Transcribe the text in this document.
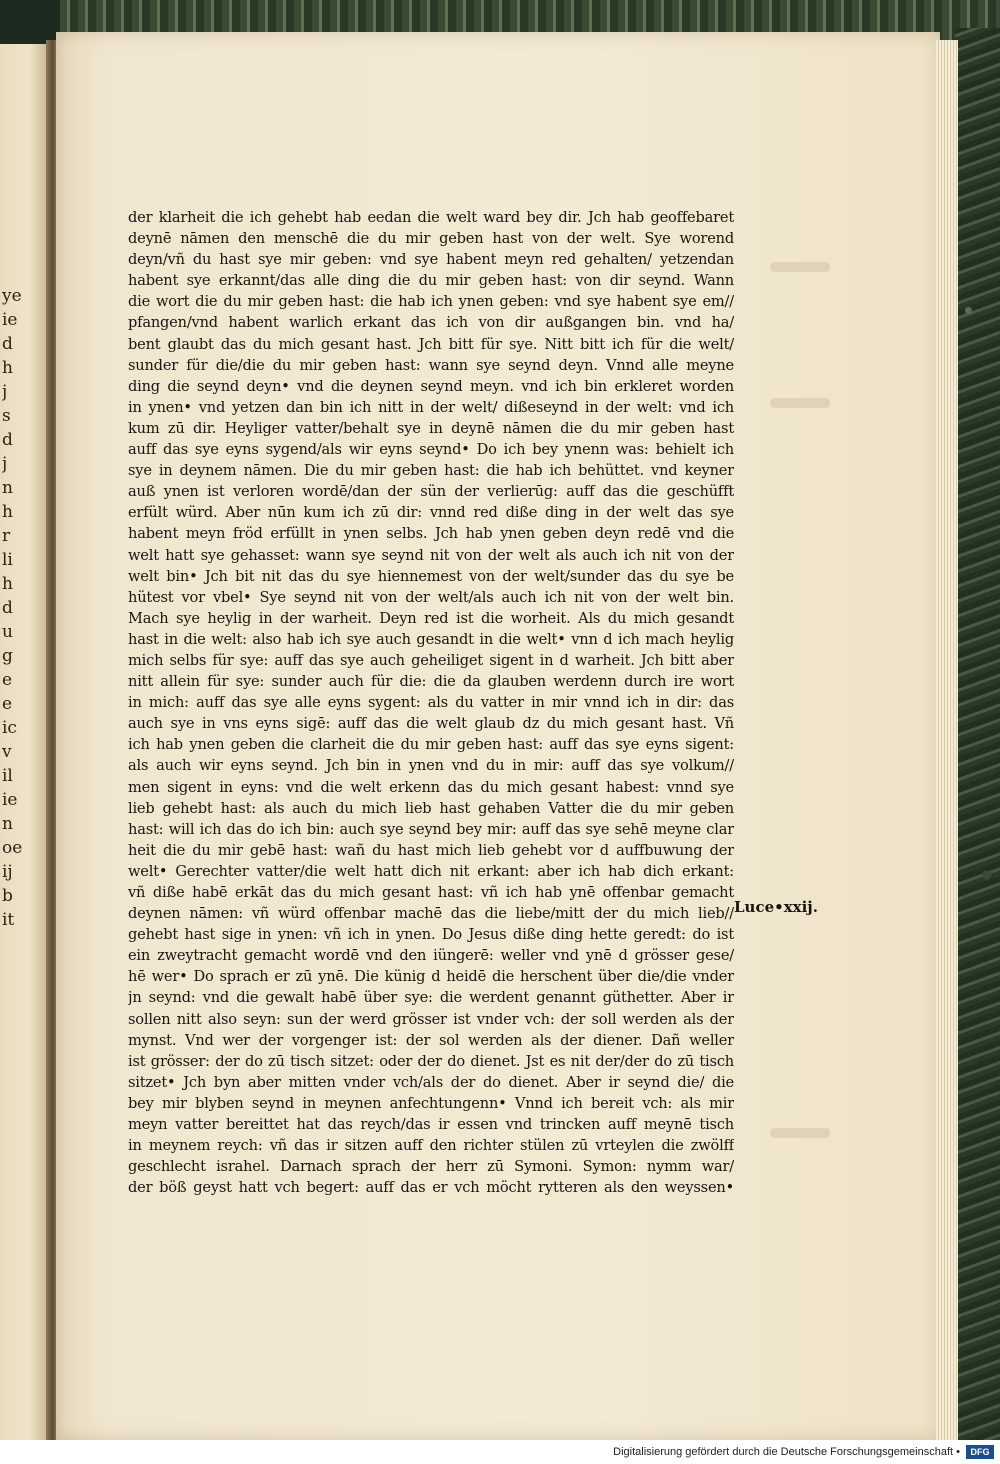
ye
ie
d
h
j
s
d
j
n
h
r
li
h
d
u
g
e
e
ic
v
il
ie
n
oe
ij
b
it
der klarheit die ich gehebt hab eedan die welt ward bey dir. Jch hab geoffebaret
deynē nāmen den menschē die du mir geben hast von der welt. Sye worend
deyn/vñ du hast sye mir geben: vnd sye habent meyn red gehalten/ yetzendan
habent sye erkannt/das alle ding die du mir geben hast: von dir seynd. Wann
die wort die du mir geben hast: die hab ich ynen geben: vnd sye habent sye em//
pfangen/vnd habent warlich erkant das ich von dir außgangen bin. vnd ha/
bent glaubt das du mich gesant hast. Jch bitt für sye. Nitt bitt ich für die welt/
sunder für die/die du mir geben hast: wann sye seynd deyn. Vnnd alle meyne
ding die seynd deyn• vnd die deynen seynd meyn. vnd ich bin erkleret worden
in ynen• vnd yetzen dan bin ich nitt in der welt/ dißeseynd in der welt: vnd ich
kum zū dir. Heyliger vatter/behalt sye in deynē nāmen die du mir geben hast
auff das sye eyns sygend/als wir eyns seynd• Do ich bey ynenn was: behielt ich
sye in deynem nāmen. Die du mir geben hast: die hab ich behüttet. vnd keyner
auß ynen ist verloren wordē/dan der sün der verlierūg: auff das die geschüfft
erfült würd. Aber nūn kum ich zū dir: vnnd red diße ding in der welt das sye
habent meyn fröd erfüllt in ynen selbs. Jch hab ynen geben deyn redē vnd die
welt hatt sye gehasset: wann sye seynd nit von der welt als auch ich nit von der
welt bin• Jch bit nit das du sye hiennemest von der welt/sunder das du sye be
hütest vor vbel• Sye seynd nit von der welt/als auch ich nit von der welt bin.
Mach sye heylig in der warheit. Deyn red ist die worheit. Als du mich gesandt
hast in die welt: also hab ich sye auch gesandt in die welt• vnn d ich mach heylig
mich selbs für sye: auff das sye auch geheiliget sigent in d warheit. Jch bitt aber
nitt allein für sye: sunder auch für die: die da glauben werdenn durch ire wort
in mich: auff das sye alle eyns sygent: als du vatter in mir vnnd ich in dir: das
auch sye in vns eyns sigē: auff das die welt glaub dz du mich gesant hast. Vñ
ich hab ynen geben die clarheit die du mir geben hast: auff das sye eyns sigent:
als auch wir eyns seynd. Jch bin in ynen vnd du in mir: auff das sye volkum//
men sigent in eyns: vnd die welt erkenn das du mich gesant habest: vnnd sye
lieb gehebt hast: als auch du mich lieb hast gehaben Vatter die du mir geben
hast: will ich das do ich bin: auch sye seynd bey mir: auff das sye sehē meyne clar
heit die du mir gebē hast: wañ du hast mich lieb gehebt vor d auffbuwung der
welt• Gerechter vatter/die welt hatt dich nit erkant: aber ich hab dich erkant:
vñ diße habē erkāt das du mich gesant hast: vñ ich hab ynē offenbar gemacht
deynen nāmen: vñ würd offenbar machē das die liebe/mitt der du mich lieb//
gehebt hast sige in ynen: vñ ich in ynen. Do Jesus diße ding hette geredt: do ist
ein zweytracht gemacht wordē vnd den iüngerē: weller vnd ynē d grösser gese/
hē wer• Do sprach er zū ynē. Die künig d heidē die herschent über die/die vnder
jn seynd: vnd die gewalt habē über sye: die werdent genannt güthetter. Aber ir
sollen nitt also seyn: sun der werd grösser ist vnder vch: der soll werden als der
mynst. Vnd wer der vorgenger ist: der sol werden als der diener. Dañ weller
ist grösser: der do zū tisch sitzet: oder der do dienet. Jst es nit der/der do zū tisch
sitzet• Jch byn aber mitten vnder vch/als der do dienet. Aber ir seynd die/ die
bey mir blyben seynd in meynen anfechtungenn• Vnnd ich bereit vch: als mir
meyn vatter bereittet hat das reych/das ir essen vnd trincken auff meynē tisch
in meynem reych: vñ das ir sitzen auff den richter stülen zū vrteylen die zwölff
geschlecht israhel. Darnach sprach der herr zū Symoni. Symon: nymm war/
der böß geyst hatt vch begert: auff das er vch möcht rytteren als den weyssen•
Luce•xxij.
Digitalisierung gefördert durch die Deutsche Forschungsgemeinschaft •	DFG
